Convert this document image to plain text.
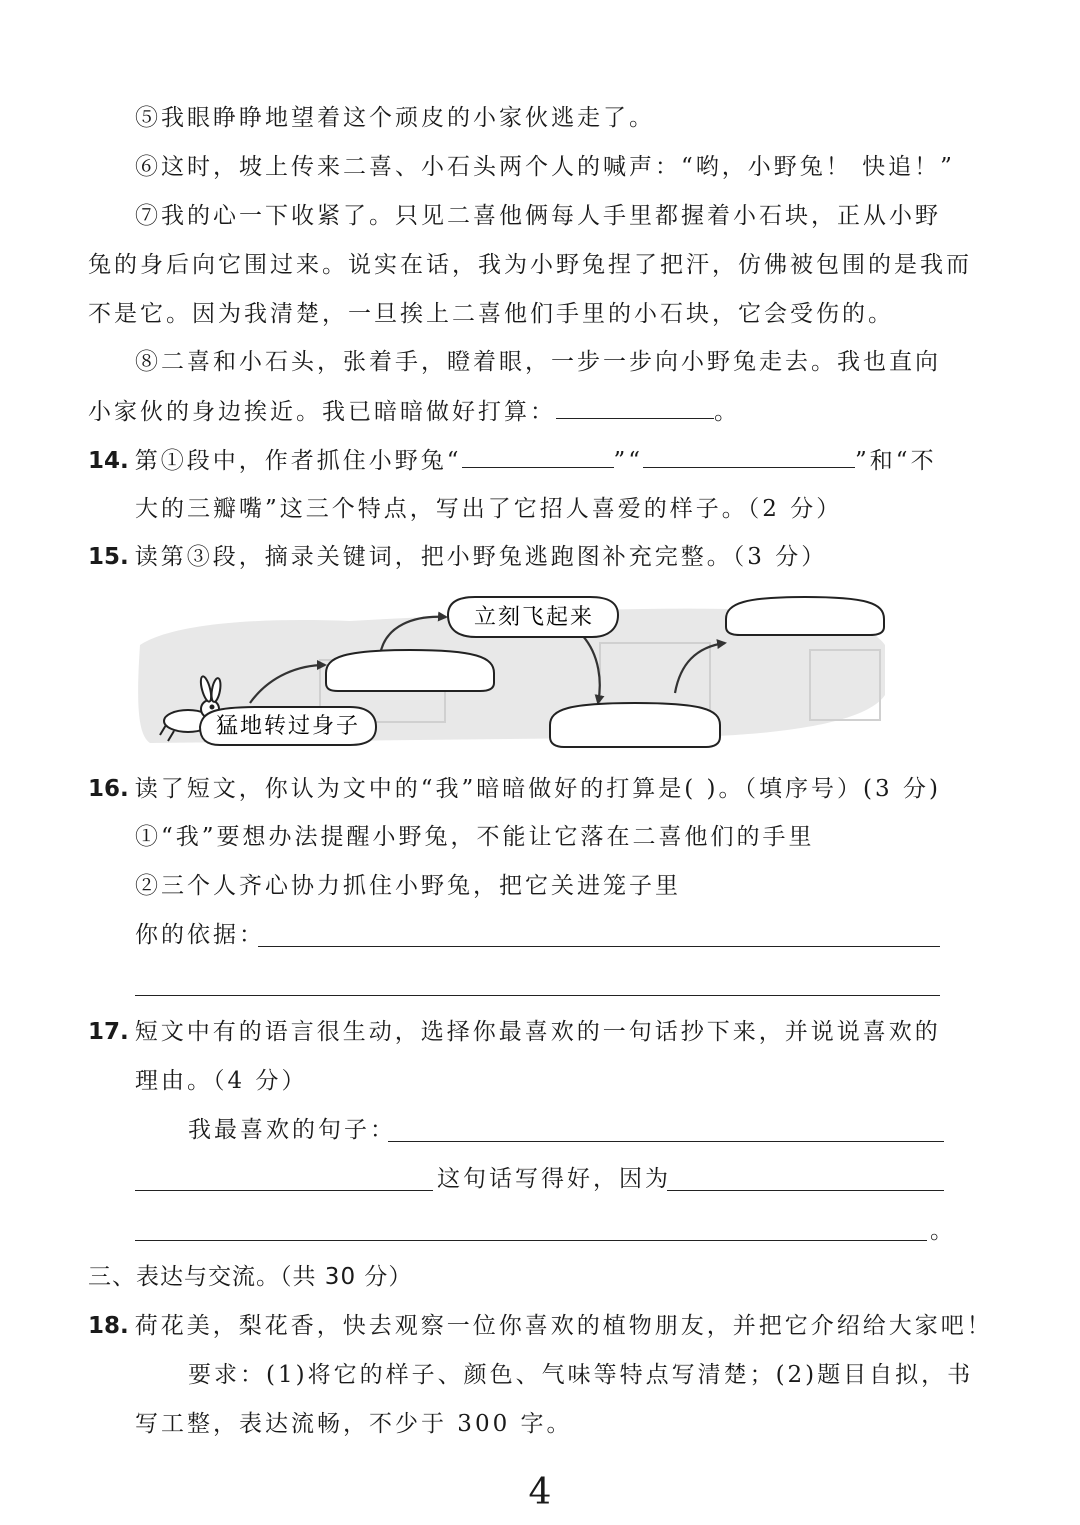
⑤我眼睁睁地望着这个顽皮的小家伙逃走了。
⑥这时，坡上传来二喜、小石头两个人的喊声：“哟，小野兔！ 快追！”
⑦我的心一下收紧了。只见二喜他俩每人手里都握着小石块，正从小野
兔的身后向它围过来。说实在话，我为小野兔捏了把汗，仿佛被包围的是我而
不是它。因为我清楚，一旦挨上二喜他们手里的小石块，它会受伤的。
⑧二喜和小石头，张着手，瞪着眼，一步一步向小野兔走去。我也直向
小家伙的身边挨近。我已暗暗做好打算：	。
14. 第①段中，作者抓住小野兔“	”“	”和“不
大的三瓣嘴”这三个特点，写出了它招人喜爱的样子。（2 分）
15. 读第③段，摘录关键词，把小野兔逃跑图补充完整。（3 分）
猛地转过身子
立刻飞起来
16. 读了短文，你认为文中的“我”暗暗做好的打算是( )。（填序号）(3 分)
①“我”要想办法提醒小野兔，不能让它落在二喜他们的手里
②三个人齐心协力抓住小野兔，把它关进笼子里
你的依据：
17. 短文中有的语言很生动，选择你最喜欢的一句话抄下来，并说说喜欢的
理由。（4 分）
我最喜欢的句子：
这句话写得好，因为
。
三、表达与交流。（共 30 分）
18. 荷花美，梨花香，快去观察一位你喜欢的植物朋友，并把它介绍给大家吧！
要求：(1)将它的样子、颜色、气味等特点写清楚；(2)题目自拟，书
写工整，表达流畅，不少于 300 字。
4
